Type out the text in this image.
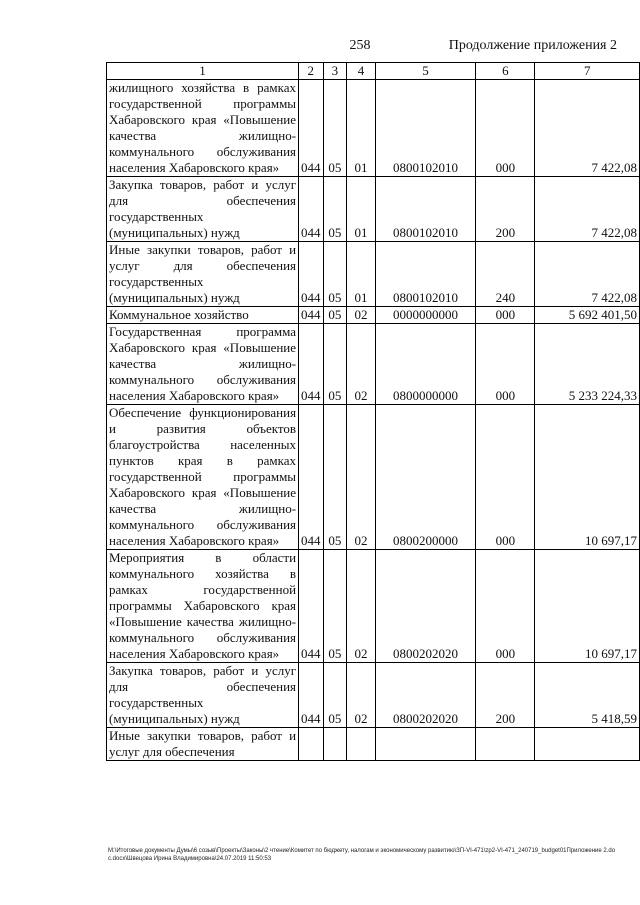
258	Продолжение приложения 2
1	2	3	4	5	6	7
жилищного хозяйства в рамках государственной программы Хабаровского края «Повышение качества жилищно-коммунального обслуживания населения Хабаровского края»	044	05	01	0800102010	000	7 422,08
Закупка товаров, работ и услуг для обеспечения государственных (муниципальных) нужд	044	05	01	0800102010	200	7 422,08
Иные закупки товаров, работ и услуг для обеспечения государственных (муниципальных) нужд	044	05	01	0800102010	240	7 422,08
Коммунальное хозяйство	044	05	02	0000000000	000	5 692 401,50
Государственная программа Хабаровского края «Повышение качества жилищно-коммунального обслуживания населения Хабаровского края»	044	05	02	0800000000	000	5 233 224,33
Обеспечение функционирования и развития объектов благоустройства населенных пунктов края в рамках государственной программы Хабаровского края «Повышение качества жилищно-коммунального обслуживания населения Хабаровского края»	044	05	02	0800200000	000	10 697,17
Мероприятия в области коммунального хозяйства в рамках государственной программы Хабаровского края «Повышение качества жилищно-коммунального обслуживания населения Хабаровского края»	044	05	02	0800202020	000	10 697,17
Закупка товаров, работ и услуг для обеспечения государственных (муниципальных) нужд	044	05	02	0800202020	200	5 418,59
Иные закупки товаров, работ и услуг для обеспечения						
М:\Итоговые документы Думы\6 созыв\Проекты\Законы\2 чтение\Комитет по бюджету, налогам и экономическому развитию\ЗП-VI-471\zp2-VI-471_240719_budget01Приложение 2.doc.docx\Швецова Ирина Владимировна\24.07.2019 11:50:53
